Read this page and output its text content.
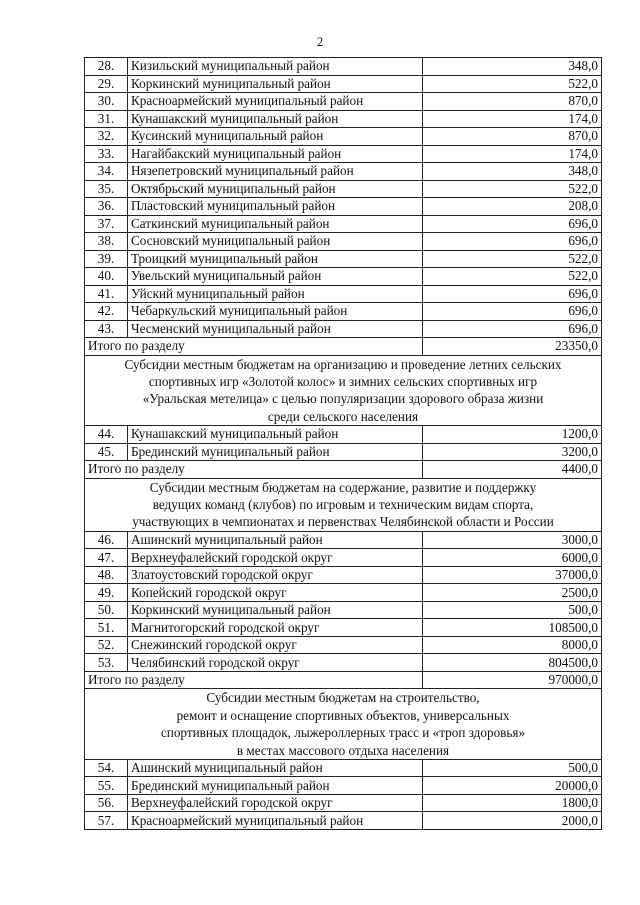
2
28.	Кизильский муниципальный район	348,0
29.	Коркинский муниципальный район	522,0
30.	Красноармейский муниципальный район	870,0
31.	Кунашакский муниципальный район	174,0
32.	Кусинский муниципальный район	870,0
33.	Нагайбакский муниципальный район	174,0
34.	Нязепетровский муниципальный район	348,0
35.	Октябрьский муниципальный район	522,0
36.	Пластовский муниципальный район	208,0
37.	Саткинский муниципальный район	696,0
38.	Сосновский муниципальный район	696,0
39.	Троицкий муниципальный район	522,0
40.	Увельский муниципальный район	522,0
41.	Уйский муниципальный район	696,0
42.	Чебаркульский муниципальный район	696,0
43.	Чесменский муниципальный район	696,0
Итого по разделу		23350,0

Субсидии местным бюджетам на организацию и проведение летних сельских
спортивных игр «Золотой колос» и зимних сельских спортивных игр
«Уральская метелица» с целью популяризации здорового образа жизни
среди сельского населения		

44.	Кунашакский муниципальный район	1200,0
45.	Брединский муниципальный район	3200,0
Итого по разделу		4400,0

Субсидии местным бюджетам на содержание, развитие и поддержку
ведущих команд (клубов) по игровым и техническим видам спорта,
участвующих в чемпионатах и первенствах Челябинской области и России		

46.	Ашинский муниципальный район	3000,0
47.	Верхнеуфалейский городской округ	6000,0
48.	Златоустовский городской округ	37000,0
49.	Копейский городской округ	2500,0
50.	Коркинский муниципальный район	500,0
51.	Магнитогорский городской округ	108500,0
52.	Снежинский городской округ	8000,0
53.	Челябинский городской округ	804500,0
Итого по разделу		970000,0

Субсидии местным бюджетам на строительство,
ремонт и оснащение спортивных объектов, универсальных
спортивных площадок, лыжероллерных трасс и «троп здоровья»
в местах массового отдыха населения		

54.	Ашинский муниципальный район	500,0
55.	Брединский муниципальный район	20000,0
56.	Верхнеуфалейский городской округ	1800,0
57.	Красноармейский муниципальный район	2000,0
